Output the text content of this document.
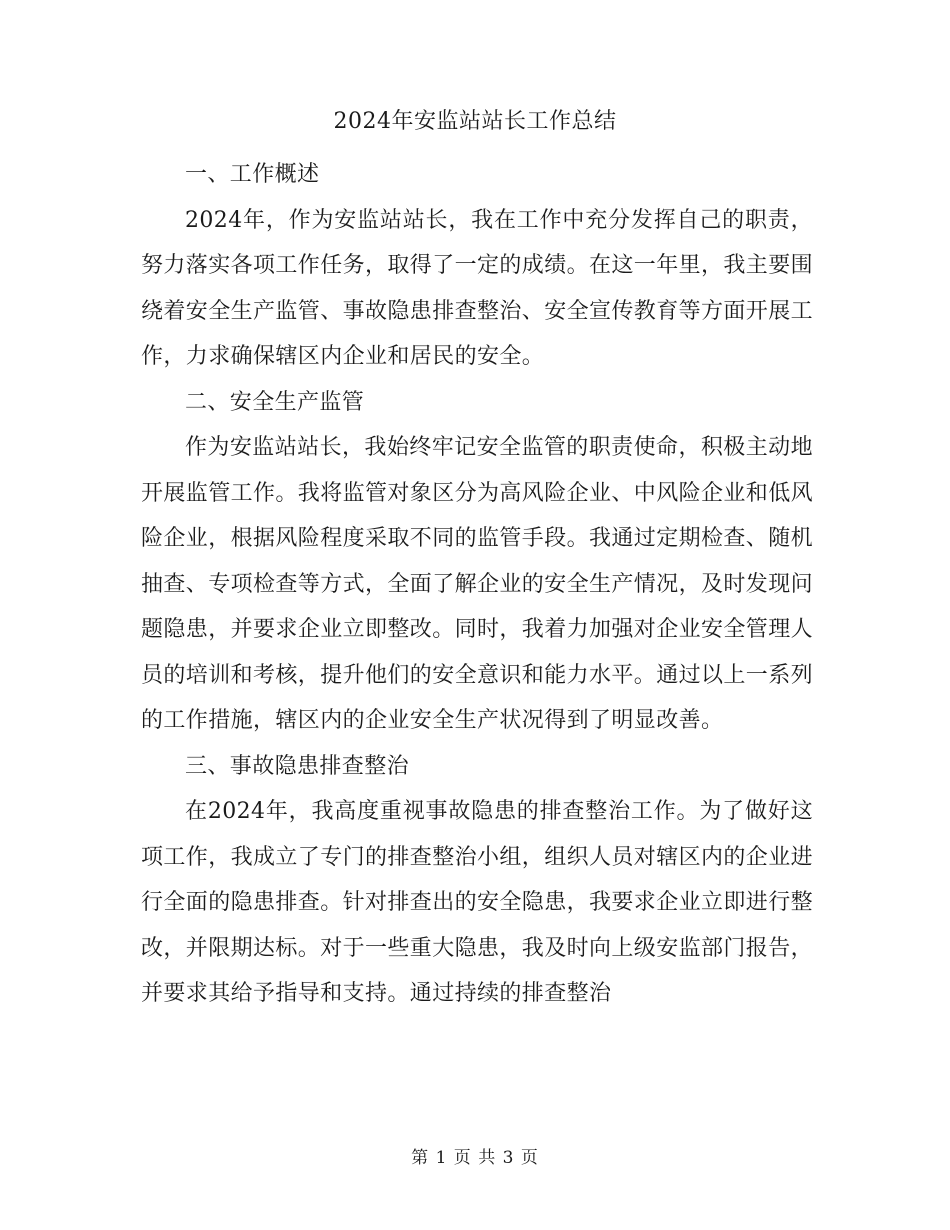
2024年安监站站长工作总结

一、工作概述

2024年，作为安监站站长，我在工作中充分发挥自己的职责，努力落实各项工作任务，取得了一定的成绩。在这一年里，我主要围绕着安全生产监管、事故隐患排查整治、安全宣传教育等方面开展工作，力求确保辖区内企业和居民的安全。

二、安全生产监管

作为安监站站长，我始终牢记安全监管的职责使命，积极主动地开展监管工作。我将监管对象区分为高风险企业、中风险企业和低风险企业，根据风险程度采取不同的监管手段。我通过定期检查、随机抽查、专项检查等方式，全面了解企业的安全生产情况，及时发现问题隐患，并要求企业立即整改。同时，我着力加强对企业安全管理人员的培训和考核，提升他们的安全意识和能力水平。通过以上一系列的工作措施，辖区内的企业安全生产状况得到了明显改善。

三、事故隐患排查整治

在2024年，我高度重视事故隐患的排查整治工作。为了做好这项工作，我成立了专门的排查整治小组，组织人员对辖区内的企业进行全面的隐患排查。针对排查出的安全隐患，我要求企业立即进行整改，并限期达标。对于一些重大隐患，我及时向上级安监部门报告，并要求其给予指导和支持。通过持续的排查整治

第 1 页 共 3 页
